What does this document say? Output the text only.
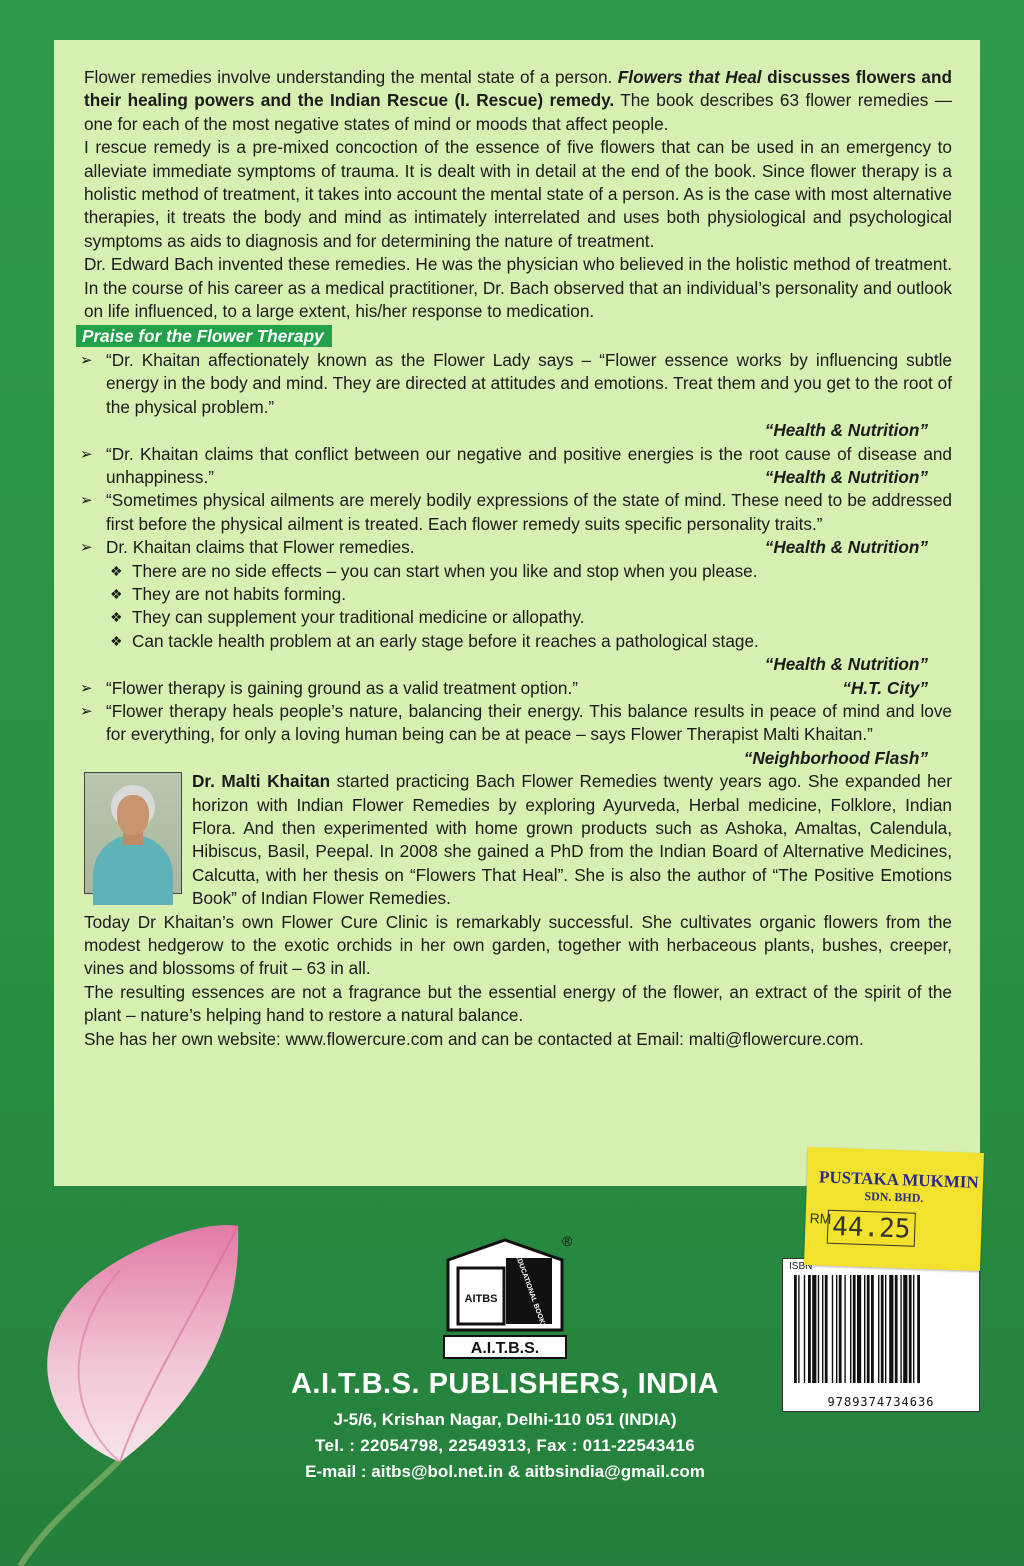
Flower remedies involve understanding the mental state of a person. Flowers that Heal discusses flowers and their healing powers and the Indian Rescue (I. Rescue) remedy. The book describes 63 flower remedies — one for each of the most negative states of mind or moods that affect people.

I rescue remedy is a pre-mixed concoction of the essence of five flowers that can be used in an emergency to alleviate immediate symptoms of trauma. It is dealt with in detail at the end of the book. Since flower therapy is a holistic method of treatment, it takes into account the mental state of a person. As is the case with most alternative therapies, it treats the body and mind as intimately interrelated and uses both physiological and psychological symptoms as aids to diagnosis and for determining the nature of treatment.

Dr. Edward Bach invented these remedies. He was the physician who believed in the holistic method of treatment. In the course of his career as a medical practitioner, Dr. Bach observed that an individual’s personality and outlook on life influenced, to a large extent, his/her response to medication.

Praise for the Flower Therapy
➢ “Dr. Khaitan affectionately known as the Flower Lady says – “Flower essence works by influencing subtle energy in the body and mind. They are directed at attitudes and emotions. Treat them and you get to the root of the physical problem.”
“Health & Nutrition”
➢ “Dr. Khaitan claims that conflict between our negative and positive energies is the root cause of disease and unhappiness.”	“Health & Nutrition”
➢ “Sometimes physical ailments are merely bodily expressions of the state of mind. These need to be addressed first before the physical ailment is treated. Each flower remedy suits specific personality traits.”
“Health & Nutrition”
➢ Dr. Khaitan claims that Flower remedies.
❖ There are no side effects – you can start when you like and stop when you please.
❖ They are not habits forming.
❖ They can supplement your traditional medicine or allopathy.
❖ Can tackle health problem at an early stage before it reaches a pathological stage.
“Health & Nutrition”
➢ “Flower therapy is gaining ground as a valid treatment option.”	“H.T. City”
➢ “Flower therapy heals people’s nature, balancing their energy. This balance results in peace of mind and love for everything, for only a loving human being can be at peace – says Flower Therapist Malti Khaitan.”
“Neighborhood Flash”

Dr. Malti Khaitan started practicing Bach Flower Remedies twenty years ago. She expanded her horizon with Indian Flower Remedies by exploring Ayurveda, Herbal medicine, Folklore, Indian Flora. And then experimented with home grown products such as Ashoka, Amaltas, Calendula, Hibiscus, Basil, Peepal. In 2008 she gained a PhD from the Indian Board of Alternative Medicines, Calcutta, with her thesis on “Flowers That Heal”. She is also the author of “The Positive Emotions Book” of Indian Flower Remedies.

Today Dr Khaitan’s own Flower Cure Clinic is remarkably successful. She cultivates organic flowers from the modest hedgerow to the exotic orchids in her own garden, together with herbaceous plants, bushes, creeper, vines and blossoms of fruit – 63 in all.

The resulting essences are not a fragrance but the essential energy of the flower, an extract of the spirit of the plant – nature’s helping hand to restore a natural balance.

She has her own website: www.flowercure.com and can be contacted at Email: malti@flowercure.com.

AITBS EDUCATIONAL BOOKS
A.I.T.B.S.
®
A.I.T.B.S. PUBLISHERS, INDIA
J-5/6, Krishan Nagar, Delhi-110 051 (INDIA)
Tel. : 22054798, 22549313, Fax : 011-22543416
E-mail : aitbs@bol.net.in & aitbsindia@gmail.com
ISBN
9789374734636
PUSTAKA MUKMIN
SDN. BHD.
RM 44.25
